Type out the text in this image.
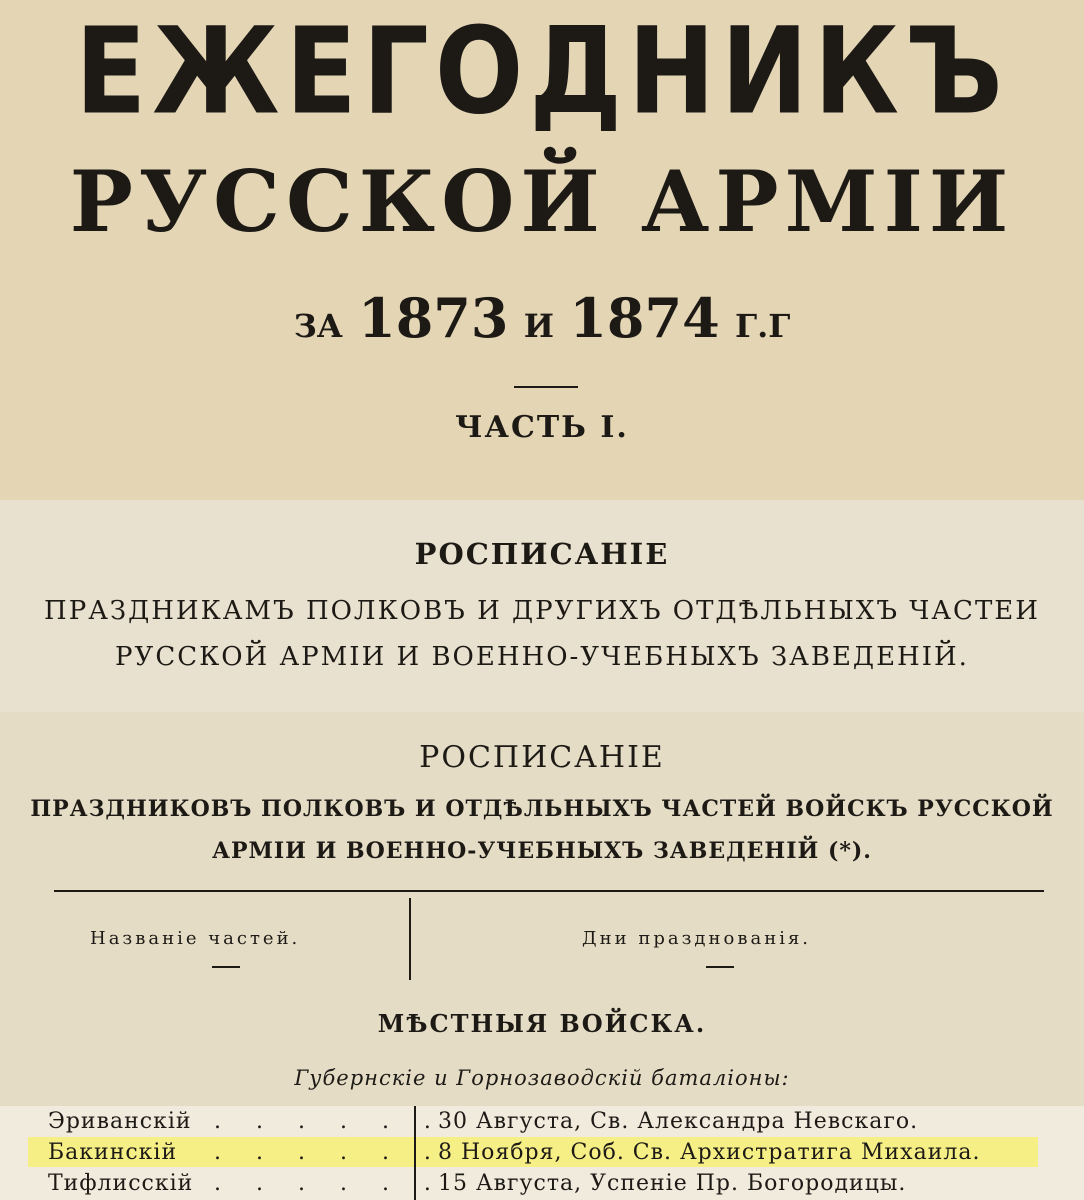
ЕЖЕГОДНИКЪ
РУССКОЙ АРМIИ
ЗА 1873 И 1874 Г.Г
ЧАСТЬ I.
РОСПИСАНIЕ
ПРАЗДНИКАМЪ ПОЛКОВЪ И ДРУГИХЪ ОТДѢЛЬНЫХЪ ЧАСТЕИ
РУССКОЙ АРМIИ И ВОЕННО-УЧЕБНЫХЪ ЗАВЕДЕНIЙ.
РОСПИСАНIЕ
ПРАЗДНИКОВЪ ПОЛКОВЪ И ОТДѢЛЬНЫХЪ ЧАСТЕЙ ВОЙСКЪ РУССКОЙ
АРМIИ И ВОЕННО-УЧЕБНЫХЪ ЗАВЕДЕНIЙ (*).
Названiе частей.	Дни празднованiя.
МѢСТНЫЯ ВОЙСКА.
Губернскiе и Горнозаводскiй баталiоны:
Эриванскiй . . . . . .
30 Августа, Св. Александра Невскаго.
Бакинскiй . . . . . .
8 Ноября, Соб. Св. Архистратига Михаила.
Тифлисскiй . . . . . .
15 Августа, Успенiе Пр. Богородицы.
